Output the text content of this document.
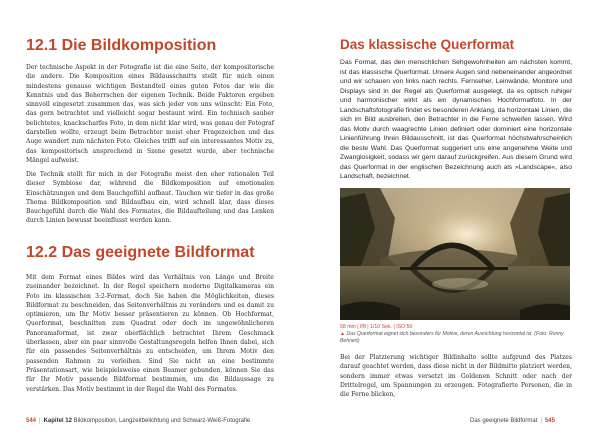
12.1 Die Bildkomposition

Der technische Aspekt in der Fotografie ist die eine Seite, der kompositorische die andere. Die Komposition eines Bildausschnitts stellt für mich einen mindestens genauso wichtigen Bestandteil eines guten Fotos dar wie die Kenntnis und das Beherrschen der eigenen Technik. Beide Faktoren ergeben sinnvoll eingesetzt zusammen das, was sich jeder von uns wünscht: Ein Foto, das gern betrachtet und vielleicht sogar bestaunt wird. Ein technisch sauber belichtetes, knackscharfes Foto, in dem nicht klar wird, was genau der Fotograf darstellen wollte, erzeugt beim Betrachter meist eher Fragezeichen und das Auge wandert zum nächsten Foto. Gleiches trifft auf ein interessantes Motiv zu, das kompositorisch ansprechend in Szene gesetzt wurde, aber technische Mängel aufweist.

Die Technik stellt für mich in der Fotografie meist den eher rationalen Teil dieser Symbiose dar, während die Bildkomposition auf emotionalen Einschätzungen und dem Bauchgefühl aufbaut. Tauchen wir tiefer in das große Thema Bildkomposition und Bildaufbau ein, wird schnell klar, dass dieses Bauchgefühl durch die Wahl des Formates, die Bildaufteilung und das Lenken durch Linien bewusst beeinflusst werden kann.

12.2 Das geeignete Bildformat

Mit dem Format eines Bildes wird das Verhältnis von Länge und Breite zueinander bezeichnet. In der Regel speichern moderne Digitalkameras ein Foto im klassischen 3:2-Format, doch Sie haben die Möglichkeiten, dieses Bildformat zu beschneiden, das Seitenverhältnis zu verändern und es damit zu optimieren, um Ihr Motiv besser präsentieren zu können. Ob Hochformat, Querformat, beschnitten zum Quadrat oder doch im ungewöhnlicheren Panoramaformat, ist zwar oberflächlich betrachtet Ihrem Geschmack überlassen, aber ein paar sinnvolle Gestaltungsregeln helfen Ihnen dabei, sich für ein passendes Seitenverhältnis zu entscheiden, um Ihrem Motiv den passenden Rahmen zu verleihen. Sind Sie nicht an eine bestimmte Präsentationsart, wie beispielsweise einen Beamer gebunden, können Sie das für Ihr Motiv passende Bildformat bestimmen, um die Bildaussage zu verstärken. Das Motiv bestimmt in der Regel die Wahl des Formates.

544 | Kapitel 12 Bildkomposition, Langzeitbelichtung und Schwarz-Weiß-Fotografie
Das klassische Querformat

Das Format, das den menschlichen Sehgewohnheiten am nächsten kommt, ist das klassische Querformat. Unsere Augen sind nebeneinander angeordnet und wir schauen von links nach rechts. Fernseher, Leinwände, Monitore und Displays sind in der Regel als Querformat ausgelegt, da es optisch ruhiger und harmonischer wirkt als ein dynamisches Hochformatfoto. In der Landschaftsfotografie findet es besonderen Anklang, da horizontale Linien, die sich im Bild ausbreiten, den Betrachter in die Ferne schweifen lassen. Wird das Motiv durch waagrechte Linien definiert oder dominiert eine horizontale Linienführung Ihren Bildausschnitt, ist das Querformat höchstwahrscheinlich die beste Wahl. Das Querformat suggeriert uns eine angenehme Weite und Zwanglosigkeit, sodass wir gern darauf zurückgreifen. Aus diesem Grund wird das Querformat in der englischen Bezeichnung auch als »Landscape«, also Landschaft, bezeichnet.

58 mm | f/8 | 1/10 Sek. | ISO 50
▲ Das Querformat eignet sich besonders für Motive, deren Ausrichtung horizontal ist. (Foto: Ronny Behnert)

Bei der Platzierung wichtiger Bildinhalte sollte aufgrund des Platzes darauf geachtet werden, dass diese nicht in der Bildmitte platziert werden, sondern immer etwas versetzt im Goldenen Schnitt oder nach der Drittelregel, um Spannungen zu erzeugen. Fotografierte Personen, die in die Ferne blicken,

Das geeignete Bildformat | 545
